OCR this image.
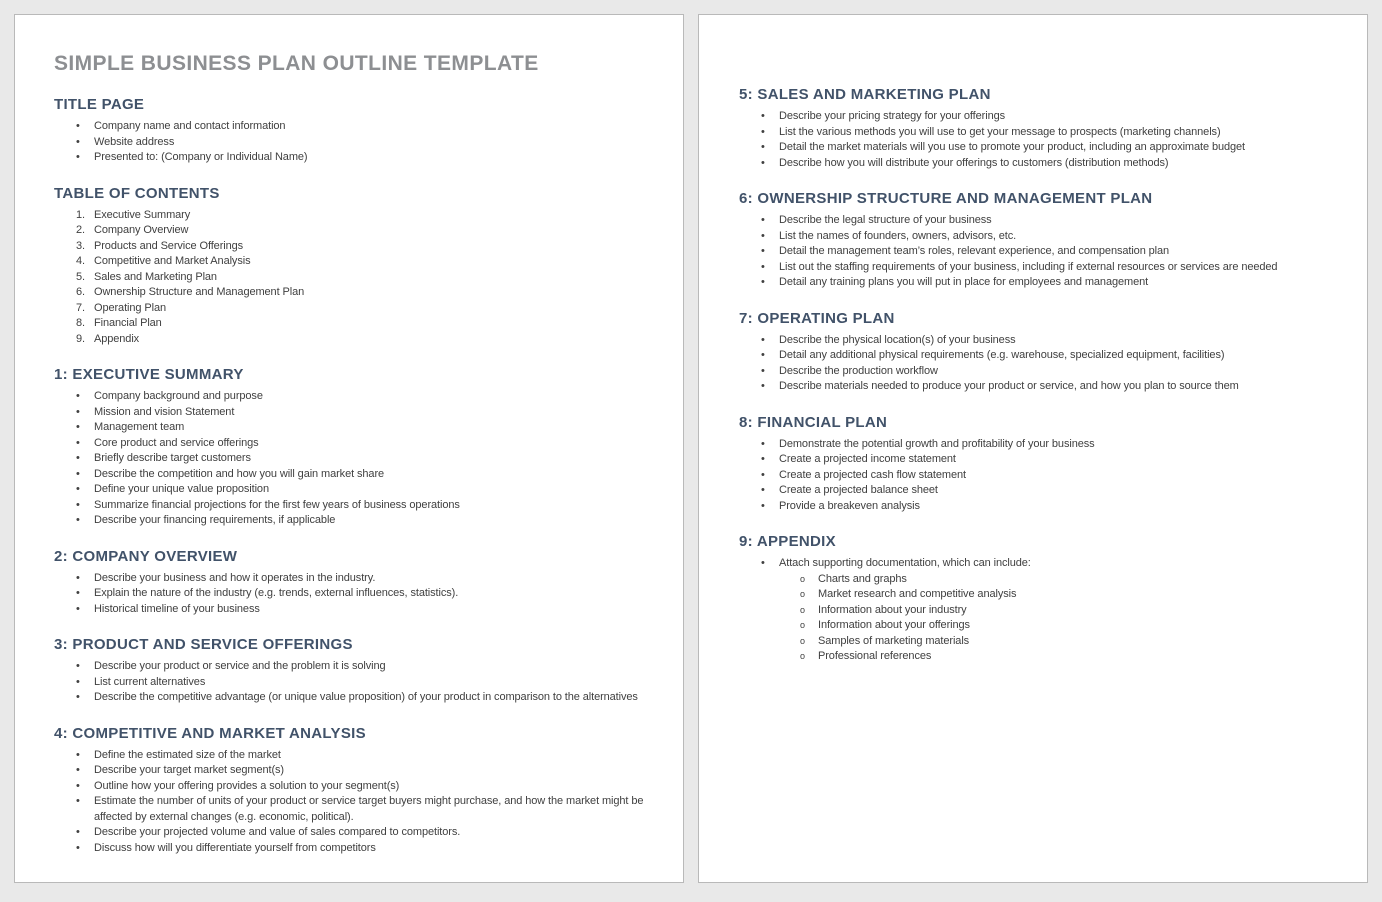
SIMPLE BUSINESS PLAN OUTLINE TEMPLATE
TITLE PAGE
• Company name and contact information
• Website address
• Presented to: (Company or Individual Name)
TABLE OF CONTENTS
Executive Summary
Company Overview
Products and Service Offerings
Competitive and Market Analysis
Sales and Marketing Plan
Ownership Structure and Management Plan
Operating Plan
Financial Plan
Appendix
1: EXECUTIVE SUMMARY
• Company background and purpose
• Mission and vision Statement
• Management team
• Core product and service offerings
• Briefly describe target customers
• Describe the competition and how you will gain market share
• Define your unique value proposition
• Summarize financial projections for the first few years of business operations
• Describe your financing requirements, if applicable
2: COMPANY OVERVIEW
• Describe your business and how it operates in the industry.
• Explain the nature of the industry (e.g. trends, external influences, statistics).
• Historical timeline of your business
3: PRODUCT AND SERVICE OFFERINGS
• Describe your product or service and the problem it is solving
• List current alternatives
• Describe the competitive advantage (or unique value proposition) of your product in comparison to the alternatives
4: COMPETITIVE AND MARKET ANALYSIS
• Define the estimated size of the market
• Describe your target market segment(s)
• Outline how your offering provides a solution to your segment(s)
• Estimate the number of units of your product or service target buyers might purchase, and how the market might be affected by external changes (e.g. economic, political).
• Describe your projected volume and value of sales compared to competitors.
• Discuss how will you differentiate yourself from competitors
5: SALES AND MARKETING PLAN
• Describe your pricing strategy for your offerings
• List the various methods you will use to get your message to prospects (marketing channels)
• Detail the market materials will you use to promote your product, including an approximate budget
• Describe how you will distribute your offerings to customers (distribution methods)
6: OWNERSHIP STRUCTURE AND MANAGEMENT PLAN
• Describe the legal structure of your business
• List the names of founders, owners, advisors, etc.
• Detail the management team’s roles, relevant experience, and compensation plan
• List out the staffing requirements of your business, including if external resources or services are needed
• Detail any training plans you will put in place for employees and management
7: OPERATING PLAN
• Describe the physical location(s) of your business
• Detail any additional physical requirements (e.g. warehouse, specialized equipment, facilities)
• Describe the production workflow
• Describe materials needed to produce your product or service, and how you plan to source them
8: FINANCIAL PLAN
• Demonstrate the potential growth and profitability of your business
• Create a projected income statement
• Create a projected cash flow statement
• Create a projected balance sheet
• Provide a breakeven analysis
9: APPENDIX
• Attach supporting documentation, which can include:
o Charts and graphs
o Market research and competitive analysis
o Information about your industry
o Information about your offerings
o Samples of marketing materials
o Professional references
